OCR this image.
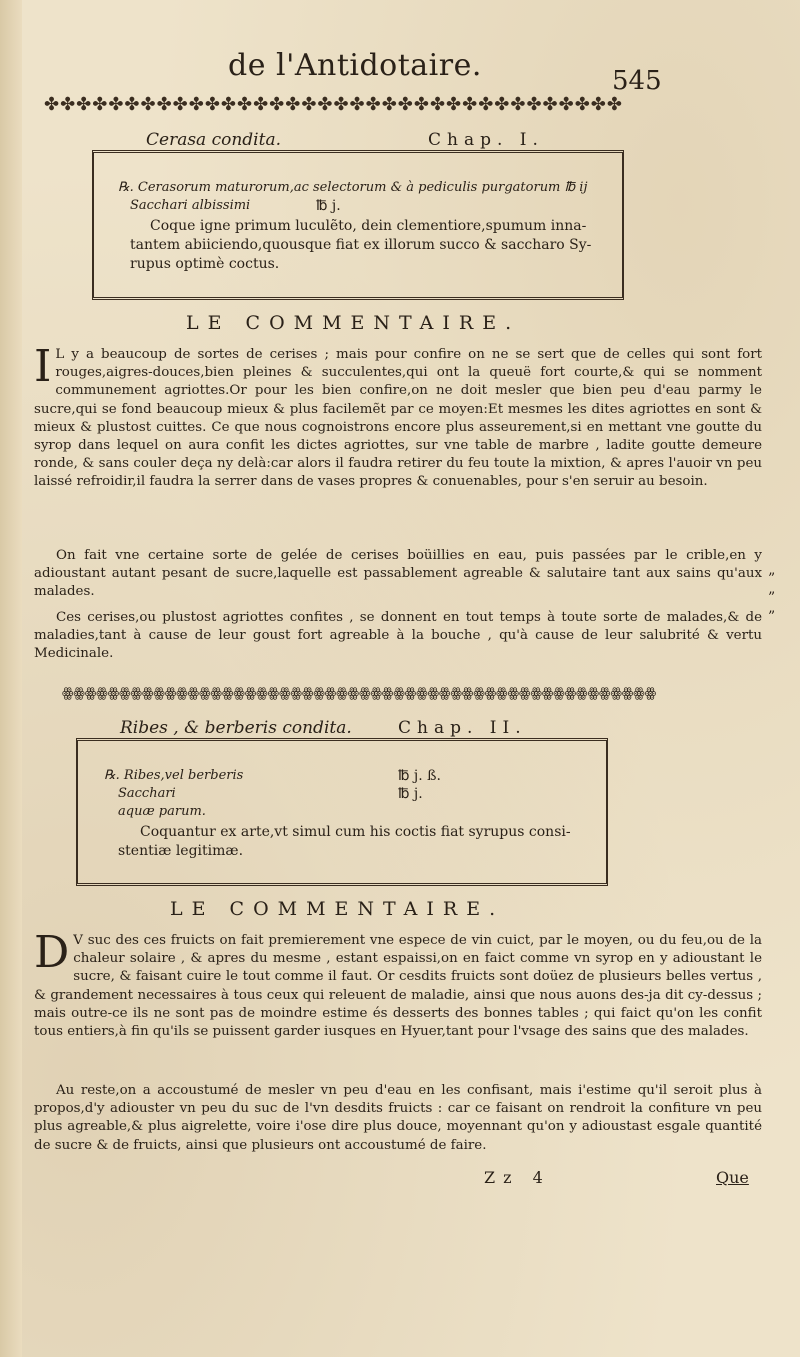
de l'Antidotaire.	545
✤✤✤✤✤✤✤✤✤✤✤✤✤✤✤✤✤✤✤✤✤✤✤✤✤✤✤✤✤✤✤✤✤✤✤✤
Cerasa condita.	Chap. I.
℞. Cerasorum maturorum,ac selectorum & à pediculis purgatorum ℔ ij
Sacchari albissimi	℔ j.
Coque igne primum luculẽto, dein clementiore,spumum inna-
tantem abiiciendo,quousque fiat ex illorum succo & saccharo Sy-
rupus optimè coctus.
LE COMMENTAIRE.
I L y a beaucoup de sortes de cerises ; mais pour confire on ne se sert que de celles qui sont fort rouges,aigres-douces,bien pleines & succulentes,qui ont la queuë fort courte,& qui se nomment communement agriottes.Or pour les bien confire,on ne doit mesler que bien peu d'eau parmy le sucre,qui se fond beaucoup mieux & plus facilemẽt par ce moyen:Et mesmes les dites agriottes en sont & mieux & plustost cuittes. Ce que nous cognoistrons encore plus asseurement,si en mettant vne goutte du syrop dans lequel on aura confit les dictes agriottes, sur vne table de marbre , ladite goutte demeure ronde, & sans couler deça ny delà:car alors il faudra retirer du feu toute la mixtion, & apres l'auoir vn peu laissé refroidir,il faudra la serrer dans de vases propres & conuenables, pour s'en seruir au besoin.
On fait vne certaine sorte de gelée de cerises boüillies en eau, puis passées par le crible,en y adioustant autant pesant de sucre,laquelle est passablement agreable & salutaire tant aux sains qu'aux malades.
Ces cerises,ou plustost agriottes confites , se donnent en tout temps à toute sorte de malades,& de maladies,tant à cause de leur goust fort agreable à la bouche , qu'à cause de leur salubrité & vertu Medicinale.
”
”
”
ꙮꙮꙮꙮꙮꙮꙮꙮꙮꙮꙮꙮꙮꙮꙮꙮꙮꙮꙮꙮꙮꙮꙮꙮꙮꙮꙮꙮꙮꙮꙮꙮꙮꙮꙮꙮꙮꙮꙮꙮꙮꙮꙮꙮꙮꙮꙮꙮꙮꙮꙮꙮ
Ribes , & berberis condita.	Chap. II.
℞. Ribes,vel berberis	℔ j. ß.
Sacchari	℔ j.
aquæ parum.
Coquantur ex arte,vt simul cum his coctis fiat syrupus consi-
stentiæ legitimæ.
LE COMMENTAIRE.
D V suc des ces fruicts on fait premierement vne espece de vin cuict, par le moyen, ou du feu,ou de la chaleur solaire , & apres du mesme , estant espaissi,on en faict comme vn syrop en y adioustant le sucre, & faisant cuire le tout comme il faut. Or cesdits fruicts sont doüez de plusieurs belles vertus , & grandement necessaires à tous ceux qui releuent de maladie, ainsi que nous auons des-ja dit cy-dessus ; mais outre-ce ils ne sont pas de moindre estime és desserts des bonnes tables ; qui faict qu'on les confit tous entiers,à fin qu'ils se puissent garder iusques en Hyuer,tant pour l'vsage des sains que des malades.
Au reste,on a accoustumé de mesler vn peu d'eau en les confisant, mais i'estime qu'il seroit plus à propos,d'y adiouster vn peu du suc de l'vn desdits fruicts : car ce faisant on rendroit la confiture vn peu plus agreable,& plus aigrelette, voire i'ose dire plus douce, moyennant qu'on y adioustast esgale quantité de sucre & de fruicts, ainsi que plusieurs ont accoustumé de faire.
Zz 4	Que
